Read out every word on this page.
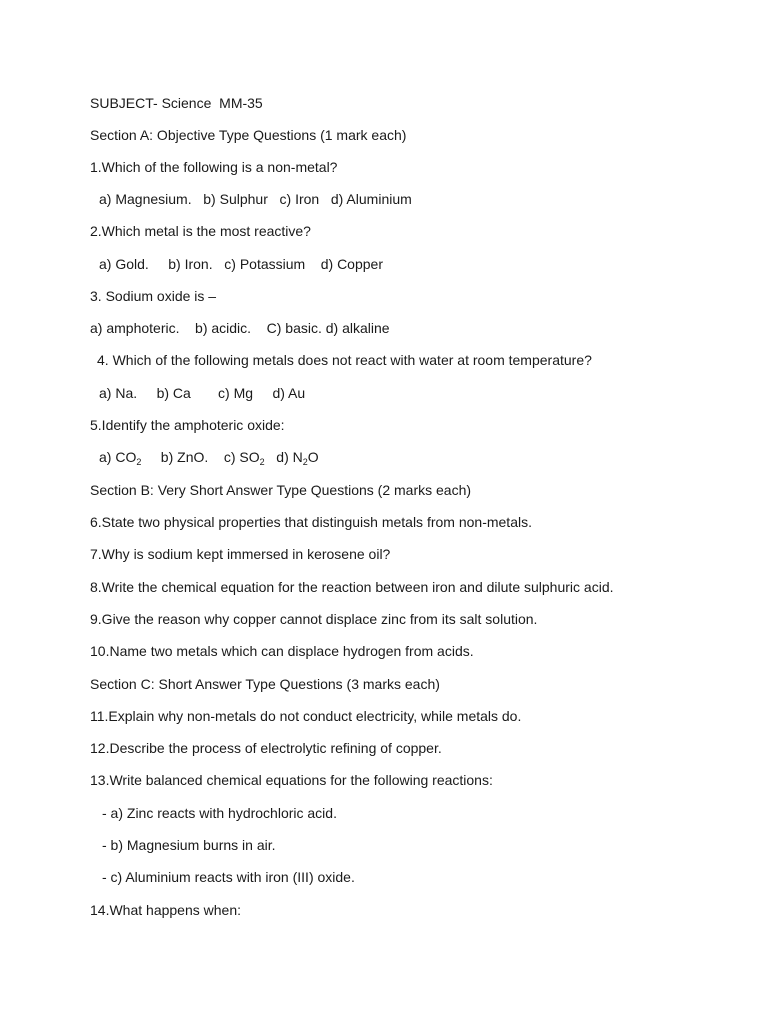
SUBJECT- Science  MM-35
Section A: Objective Type Questions (1 mark each)
1.Which of the following is a non-metal?
a) Magnesium.   b) Sulphur   c) Iron   d) Aluminium
2.Which metal is the most reactive?
a) Gold.     b) Iron.   c) Potassium    d) Copper
3. Sodium oxide is –
a) amphoteric.    b) acidic.    C) basic. d) alkaline
4. Which of the following metals does not react with water at room temperature?
a) Na.     b) Ca       c) Mg     d) Au
5.Identify the amphoteric oxide:
a) $CO_2$     b) ZnO.    c) $SO_2$   d) $N_2O$
Section B: Very Short Answer Type Questions (2 marks each)
6.State two physical properties that distinguish metals from non-metals.
7.Why is sodium kept immersed in kerosene oil?
8.Write the chemical equation for the reaction between iron and dilute sulphuric acid.
9.Give the reason why copper cannot displace zinc from its salt solution.
10.Name two metals which can displace hydrogen from acids.
Section C: Short Answer Type Questions (3 marks each)
11.Explain why non-metals do not conduct electricity, while metals do.
12.Describe the process of electrolytic refining of copper.
13.Write balanced chemical equations for the following reactions:
- a) Zinc reacts with hydrochloric acid.
- b) Magnesium burns in air.
- c) Aluminium reacts with iron (III) oxide.
14.What happens when:
